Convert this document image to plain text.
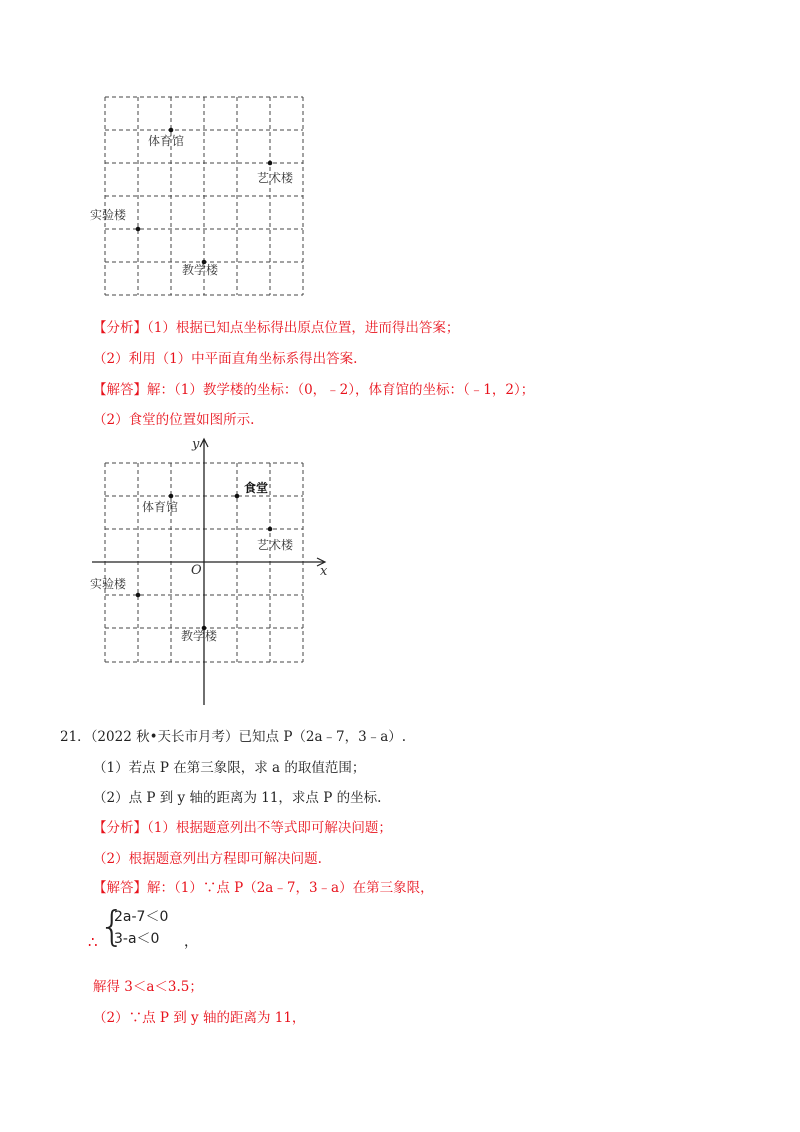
体育馆
艺术楼
实验楼
教学楼
【分析】（1）根据已知点坐标得出原点位置，进而得出答案；
（2）利用（1）中平面直角坐标系得出答案.
【解答】解：（1）教学楼的坐标：（0，﹣2），体育馆的坐标：（﹣1，2）；
（2）食堂的位置如图所示.
x
y
O
食堂
体育馆
艺术楼
实验楼
教学楼
21．（2022 秋•天长市月考）已知点 P（2a﹣7，3﹣a）.
（1）若点 P 在第三象限，求 a 的取值范围；
（2）点 P 到 y 轴的距离为 11，求点 P 的坐标.
【分析】（1）根据题意列出不等式即可解决问题；
（2）根据题意列出方程即可解决问题.
【解答】解：（1）∵点 P（2a﹣7，3﹣a）在第三象限，
∴ {
2a-7＜0
3-a＜0 ，
解得 3＜a＜3.5；
（2）∵点 P 到 y 轴的距离为 11，
